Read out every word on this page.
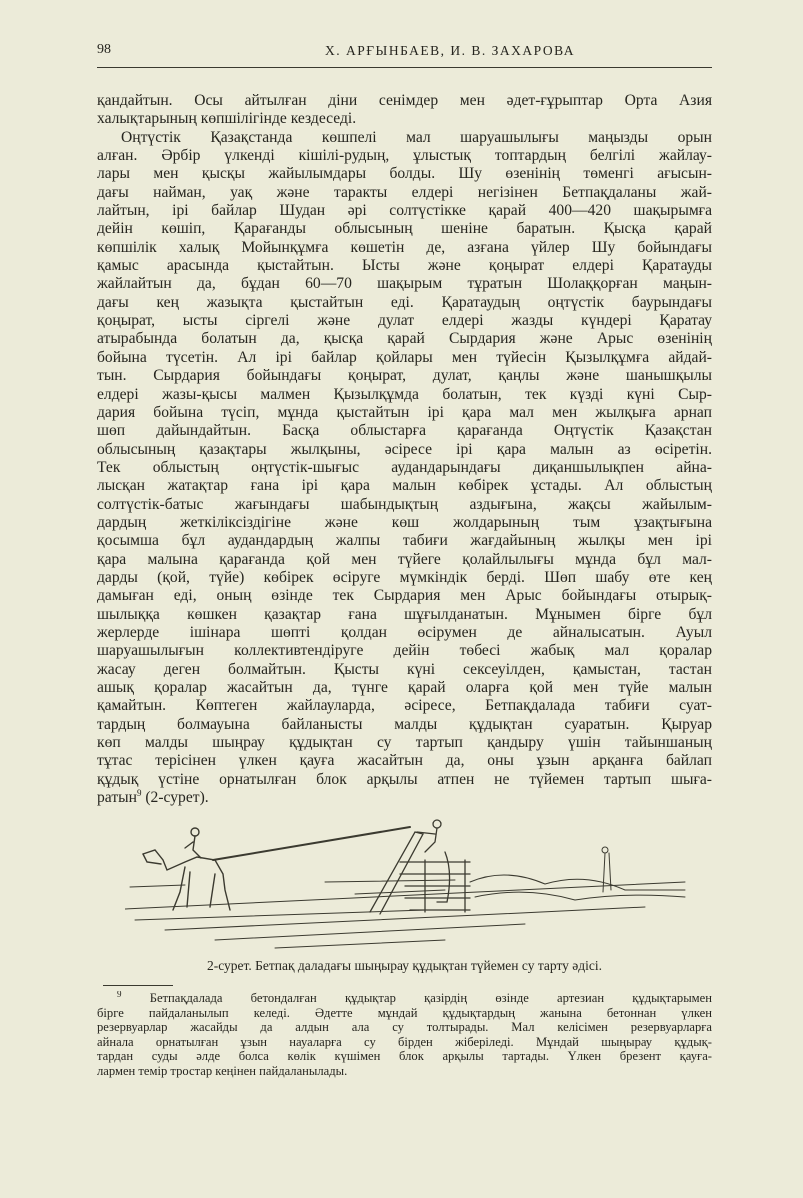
98	Х. АРҒЫНБАЕВ, И. В. ЗАХАРОВА
қандайтын. Осы айтылған діни сенімдер мен әдет-ғұрыптар Орта Азия
халықтарының көпшілігінде кездеседі.
Оңтүстік Қазақстанда көшпелі мал шаруашылығы маңызды орын
алған. Әрбір үлкенді кішілі-рудың, ұлыстық топтардың белгілі жайлау-
лары мен қысқы жайылымдары болды. Шу өзенінің төменгі ағысын-
дағы найман, уақ және таракты елдері негізінен Бетпақдаланы жай-
лайтын, ірі байлар Шудан әрі солтүстікке қарай 400—420 шақырымға
дейін көшіп, Қарағанды облысының шеніне баратын. Қысқа қарай
көпшілік халық Мойынқұмға көшетін де, азғана үйлер Шу бойындағы
қамыс арасында қыстайтын. Ысты және қоңырат елдері Қаратауды
жайлайтын да, бұдан 60—70 шақырым тұратын Шолаққорған маңын-
дағы кең жазықта қыстайтын еді. Қаратаудың оңтүстік баурындағы
қоңырат, ысты сіргелі және дулат елдері жазды күндері Қаратау
атырабында болатын да, қысқа қарай Сырдария және Арыс өзенінің
бойына түсетін. Ал ірі байлар қойлары мен түйесін Қызылқұмға айдай-
тын. Сырдария бойындағы қоңырат, дулат, қаңлы және шанышқылы
елдері жазы-қысы малмен Қызылқұмда болатын, тек күзді күні Сыр-
дария бойына түсіп, мұнда қыстайтын ірі қара мал мен жылқыға арнап
шөп дайындайтын. Басқа облыстарға қарағанда Оңтүстік Қазақстан
облысының қазақтары жылқыны, әсіресе ірі қара малын аз өсіретін.
Тек облыстың оңтүстік-шығыс аудандарындағы диқаншылықпен айна-
лысқан жатақтар ғана ірі қара малын көбірек ұстады. Ал облыстың
солтүстік-батыс жағындағы шабындықтың аздығына, жақсы жайылым-
дардың жеткіліксіздігіне және көш жолдарының тым ұзақтығына
қосымша бұл аудандардың жалпы табиғи жағдайының жылқы мен ірі
қара малына қарағанда қой мен түйеге қолайлылығы мұнда бұл мал-
дарды (қой, түйе) көбірек өсіруге мүмкіндік берді. Шөп шабу өте кең
дамыған еді, оның өзінде тек Сырдария мен Арыс бойындағы отырық-
шылыққа көшкен қазақтар ғана шұғылданатын. Мұнымен бірге бұл
жерлерде ішінара шөпті қолдан өсірумен де айналысатын. Ауыл
шаруашылығын коллективтендіруге дейін төбесі жабық мал қоралар
жасау деген болмайтын. Қысты күні сексеуілден, қамыстан, тастан
ашық қоралар жасайтын да, түнге қарай оларға қой мен түйе малын
қамайтын. Көптеген жайлауларда, әсіресе, Бетпақдалада табиғи суат-
тардың болмауына байланысты малды құдықтан суаратын. Қыруар
көп малды шыңрау құдықтан су тартып қандыру үшін тайыншаның
тұтас терісінен үлкен қауға жасайтын да, оны ұзын арқанға байлап
құдық үстіне орнатылған блок арқылы атпен не түйемен тартып шыға-
ратын$^9$ (2-сурет).
2-сурет. Бетпақ даладағы шыңырау құдықтан түйемен су тарту әдісі.
$^9$ Бетпақдалада бетондалған құдықтар қазірдің өзінде артезиан құдықтарымен
бірге пайдаланылып келеді. Әдетте мұндай құдықтардың жанына бетоннан үлкен
резервуарлар жасайды да алдын ала су толтырады. Мал келісімен резервуарларға
айнала орнатылған ұзын науаларға су бірден жіберіледі. Мұндай шыңырау құдық-
тардан суды әлде болса көлік күшімен блок арқылы тартады. Үлкен брезент қауға-
лармен темір тростар кеңінен пайдаланылады.
